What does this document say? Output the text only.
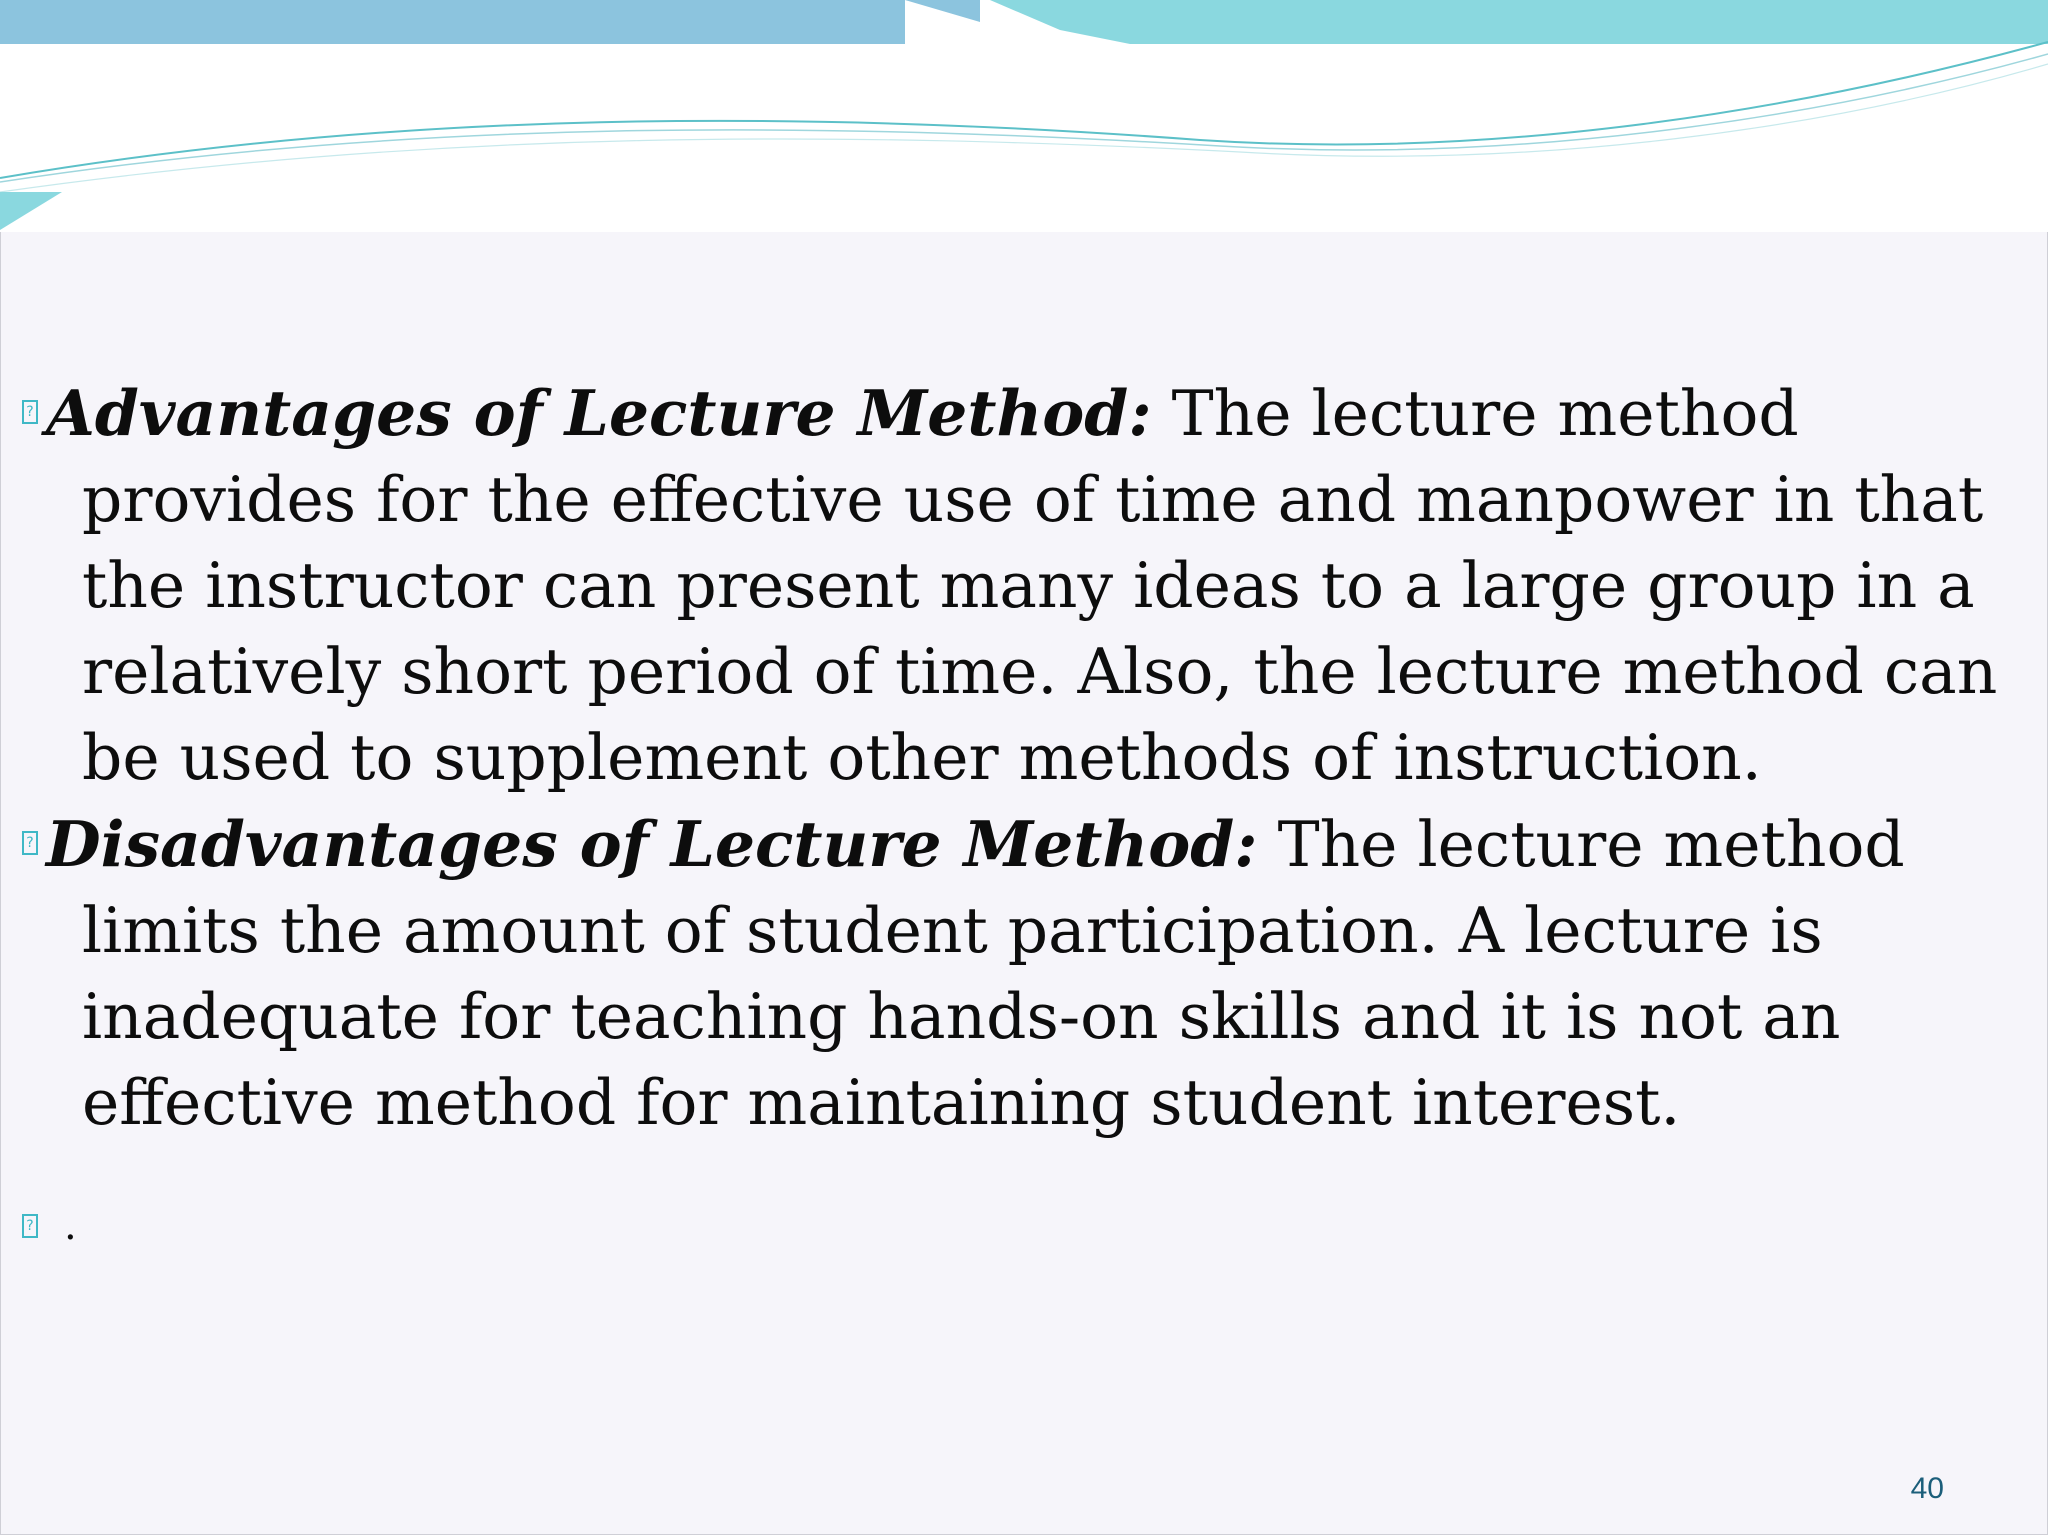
? Advantages of Lecture Method: The lecture method provides for the effective use of time and manpower in that the instructor can present many ideas to a large group in a relatively short period of time. Also, the lecture method can be used to supplement other methods of instruction.
? Disadvantages of Lecture Method: The lecture method limits the amount of student participation. A lecture is inadequate for teaching hands-on skills and it is not an effective method for maintaining student interest.
? .
40
